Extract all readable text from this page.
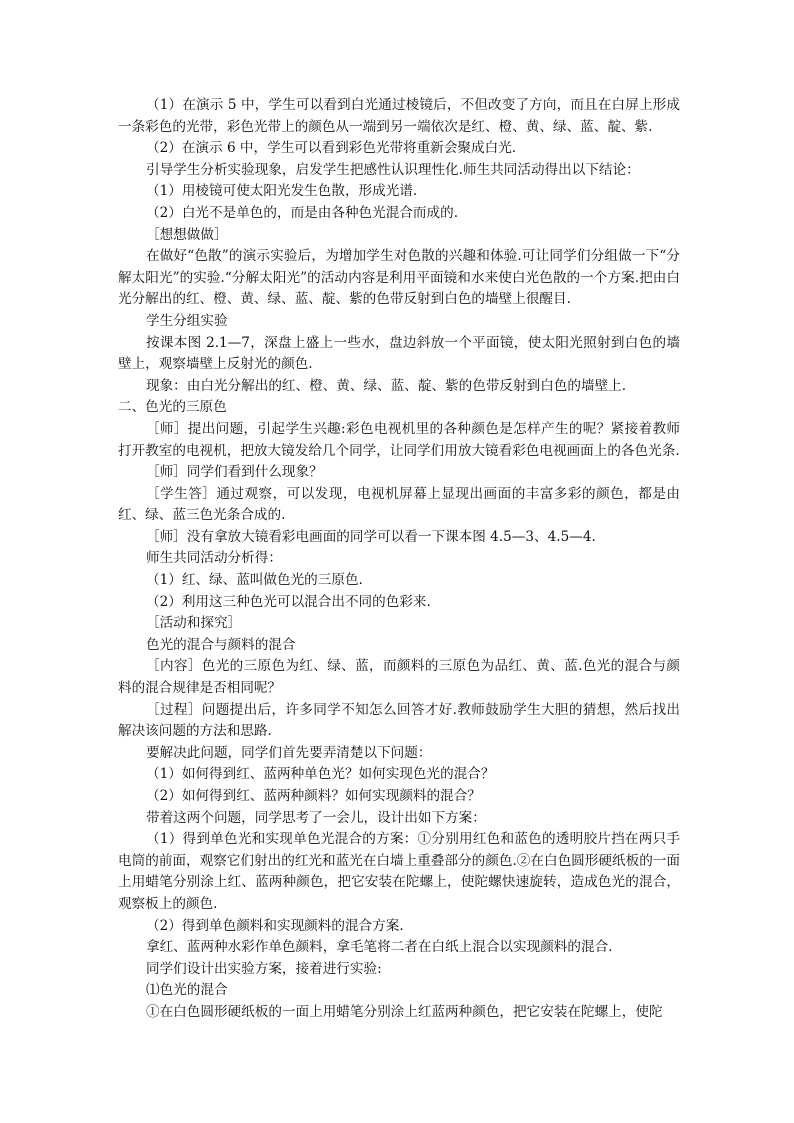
（1）在演示 5 中，学生可以看到白光通过棱镜后，不但改变了方向，而且在白屏上形成一条彩色的光带，彩色光带上的颜色从一端到另一端依次是红、橙、黄、绿、蓝、靛、紫.

（2）在演示 6 中，学生可以看到彩色光带将重新会聚成白光.

引导学生分析实验现象，启发学生把感性认识理性化.师生共同活动得出以下结论：

（1）用棱镜可使太阳光发生色散，形成光谱.

（2）白光不是单色的，而是由各种色光混合而成的.

［想想做做］

在做好“色散”的演示实验后，为增加学生对色散的兴趣和体验.可让同学们分组做一下“分解太阳光”的实验.“分解太阳光”的活动内容是利用平面镜和水来使白光色散的一个方案.把由白光分解出的红、橙、黄、绿、蓝、靛、紫的色带反射到白色的墙壁上很醒目.

学生分组实验

按课本图 2.1—7，深盘上盛上一些水，盘边斜放一个平面镜，使太阳光照射到白色的墙壁上，观察墙壁上反射光的颜色.

现象：由白光分解出的红、橙、黄、绿、蓝、靛、紫的色带反射到白色的墙壁上.

二、色光的三原色

［师］提出问题，引起学生兴趣:彩色电视机里的各种颜色是怎样产生的呢？紧接着教师打开教室的电视机，把放大镜发给几个同学，让同学们用放大镜看彩色电视画面上的各色光条.

［师］同学们看到什么现象？

［学生答］通过观察，可以发现，电视机屏幕上显现出画面的丰富多彩的颜色，都是由红、绿、蓝三色光条合成的.

［师］没有拿放大镜看彩电画面的同学可以看一下课本图 4.5—3、4.5—4.

师生共同活动分析得：

（1）红、绿、蓝叫做色光的三原色.

（2）利用这三种色光可以混合出不同的色彩来.

［活动和探究］

色光的混合与颜料的混合

［内容］色光的三原色为红、绿、蓝，而颜料的三原色为品红、黄、蓝.色光的混合与颜料的混合规律是否相同呢？

［过程］问题提出后，许多同学不知怎么回答才好.教师鼓励学生大胆的猜想，然后找出解决该问题的方法和思路.

要解决此问题，同学们首先要弄清楚以下问题：

（1）如何得到红、蓝两种单色光？如何实现色光的混合？

（2）如何得到红、蓝两种颜料？如何实现颜料的混合？

带着这两个问题，同学思考了一会儿，设计出如下方案：

（1）得到单色光和实现单色光混合的方案：①分别用红色和蓝色的透明胶片挡在两只手电筒的前面，观察它们射出的红光和蓝光在白墙上重叠部分的颜色.②在白色圆形硬纸板的一面上用蜡笔分别涂上红、蓝两种颜色，把它安装在陀螺上，使陀螺快速旋转，造成色光的混合，观察板上的颜色.

（2）得到单色颜料和实现颜料的混合方案.

拿红、蓝两种水彩作单色颜料，拿毛笔将二者在白纸上混合以实现颜料的混合.

同学们设计出实验方案，接着进行实验:

⑴色光的混合

①在白色圆形硬纸板的一面上用蜡笔分别涂上红蓝两种颜色，把它安装在陀螺上，使陀
